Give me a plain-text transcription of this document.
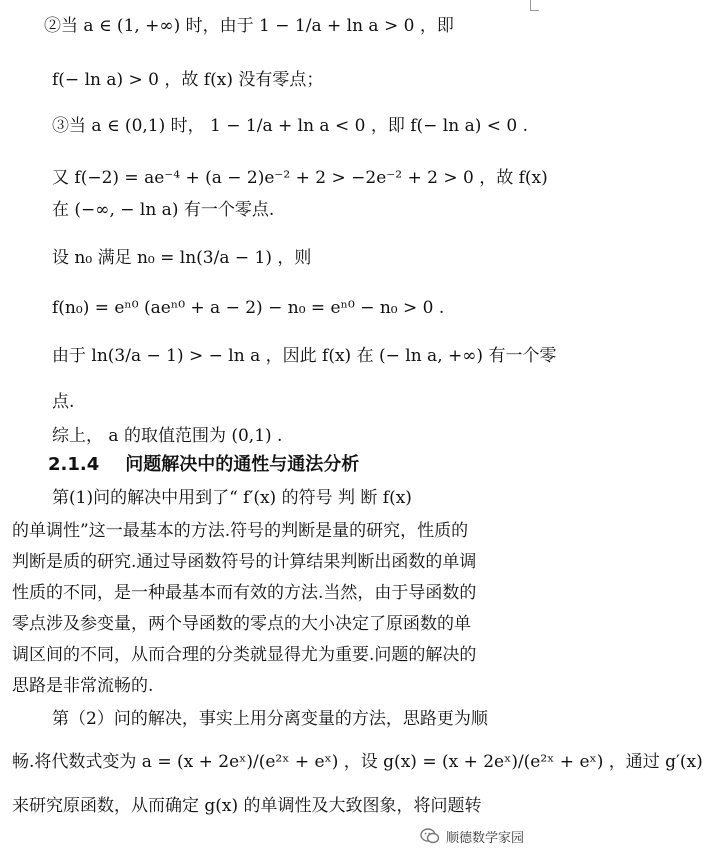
②当 a ∈ (1, +∞) 时，由于 1 − 1/a + ln a > 0 ，即
f(− ln a) > 0 ，故 f(x) 没有零点；
③当 a ∈ (0,1) 时， 1 − 1/a + ln a < 0 ，即 f(− ln a) < 0 .
又 f(−2) = ae⁻⁴ + (a − 2)e⁻² + 2 > −2e⁻² + 2 > 0 ，故 f(x)
在 (−∞, − ln a) 有一个零点.
设 n₀ 满足 n₀ = ln(3/a − 1) ，则
f(n₀) = eⁿ⁰ (aeⁿ⁰ + a − 2) − n₀ = eⁿ⁰ − n₀ > 0 .
由于 ln(3/a − 1) > − ln a ，因此 f(x) 在 (− ln a, +∞) 有一个零
点.
综上， a 的取值范围为 (0,1) .
2.1.4 问题解决中的通性与通法分析
第(1)问的解决中用到了“ f′(x) 的符号 判 断 f(x)
的单调性”这一最基本的方法.符号的判断是量的研究，性质的
判断是质的研究.通过导函数符号的计算结果判断出函数的单调
性质的不同，是一种最基本而有效的方法.当然，由于导函数的
零点涉及参变量，两个导函数的零点的大小决定了原函数的单
调区间的不同，从而合理的分类就显得尤为重要.问题的解决的
思路是非常流畅的.
第（2）问的解决，事实上用分离变量的方法，思路更为顺
畅.将代数式变为 a = (x + 2eˣ)/(e²ˣ + eˣ) ，设 g(x) = (x + 2eˣ)/(e²ˣ + eˣ) ，通过 g′(x)
来研究原函数，从而确定 g(x) 的单调性及大致图象，将问题转
顺德数学家园
